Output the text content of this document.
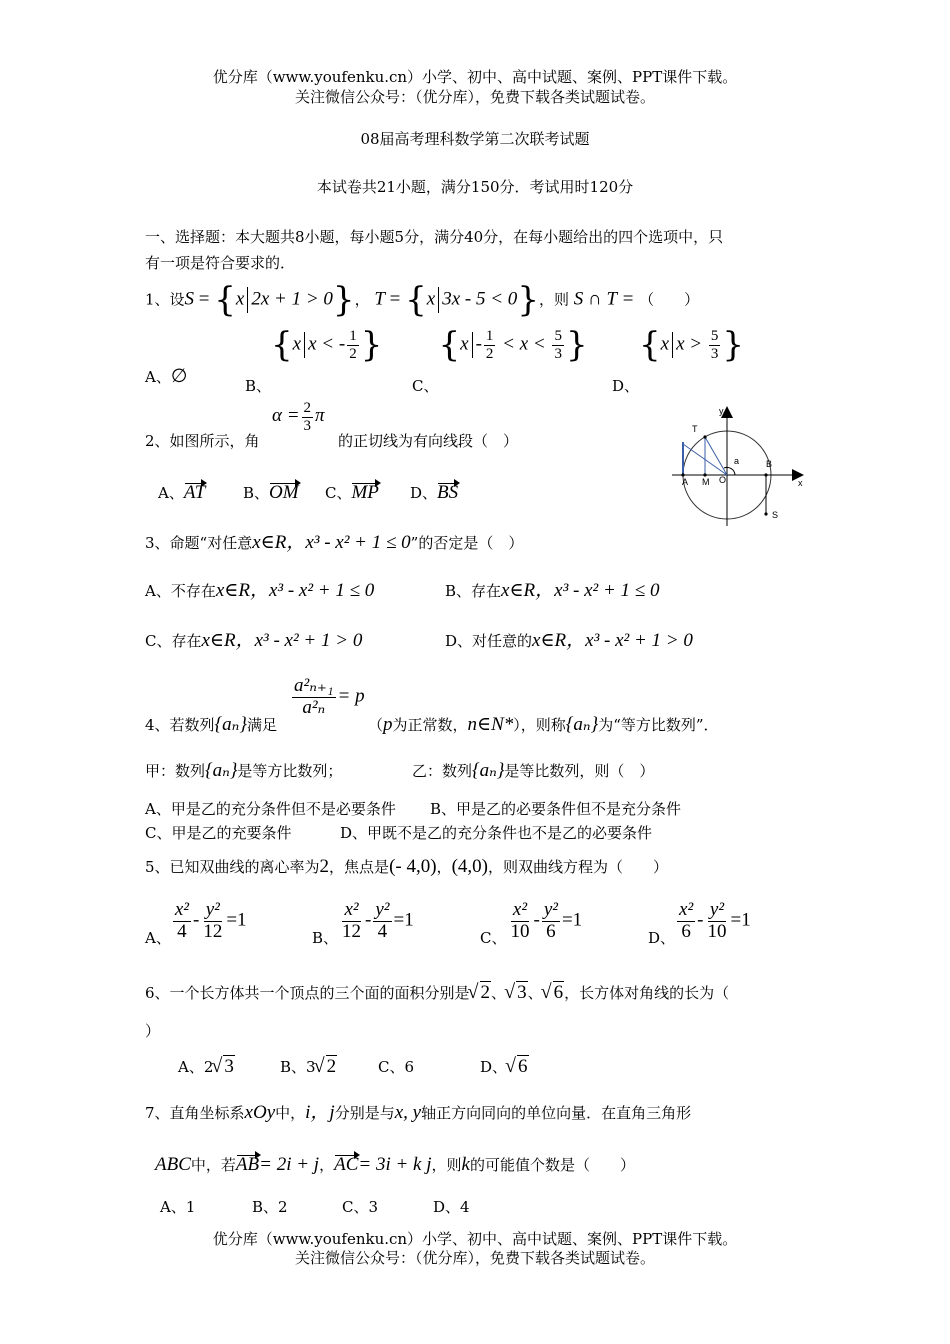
优分库（www.youfenku.cn）小学、初中、高中试题、案例、PPT课件下载。
关注微信公众号：（优分库），免费下载各类试题试卷。
08届高考理科数学第二次联考试题
本试卷共21小题，满分150分．考试用时120分
一、选择题：本大题共8小题，每小题5分，满分40分，在每小题给出的四个选项中，只
有一项是符合要求的．
1、设S = {x 2x + 1 > 0}， T = {x 3x - 5 < 0}，则 S ∩ T = （　　）
A、∅	B、{x x < - $\frac{1}{2}$ }
C、{$x - \frac{1}{2} < x < \frac{5}{3}$ }
D、{x $x > \frac{5}{3}$ }
2、如图所示，角
$\alpha = \frac{2}{3}$ π
的正切线为有向线段（　）
A、AT	B、OM C、MP D、BS
y
x
T
A M O
B
S
a
3、命题“对任意x∈R，x³ - x² + 1 ≤ 0”的否定是（　）
A、不存在x∈R，x³ - x² + 1 ≤ 0	B、存在x∈R，x³ - x² + 1 ≤ 0
C、存在x∈R，x³ - x² + 1 > 0	D、对任意的x∈R，x³ - x² + 1 > 0
4、若数列{aₙ}满足
$\frac{\text{a²ₙ₊₁}}{\text{a²ₙ}} = p$
（p为正常数，n∈N*），则称{aₙ}为“等方比数列”．
甲：数列{aₙ}是等方比数列；	乙：数列{aₙ}是等比数列，则（　）
A、甲是乙的充分条件但不是必要条件 B、甲是乙的必要条件但不是充分条件
C、甲是乙的充要条件	D、甲既不是乙的充分条件也不是乙的必要条件
5、已知双曲线的离心率为2，焦点是(- 4,0)，(4,0)，则双曲线方程为（　　）
A、 $\frac{\text{x²}}{4} - \frac{\text{y²}}{12} =1$
B、 $\frac{\text{x²}}{12} - \frac{\text{y²}}{4} =1$
C、 $\frac{\text{x²}}{10} - \frac{\text{y²}}{6} =1$
D、 $\frac{\text{x²}}{6} - \frac{\text{y²}}{10} =1$
6、一个长方体共一个顶点的三个面的面积分别是 √ 2、 √ 3、 √ 6，长方体对角线的长为（
）
A、2 √ 3	B、3 √ 2	C、6	D、 √ 6
7、直角坐标系xOy中，i，j分别是与x, y轴正方向同向的单位向量．在直角三角形
ABC中，若AB= 2i + j，AC= 3i + k j，则k的可能值个数是（　　）
A、1	B、2	C、3	D、4
优分库（www.youfenku.cn）小学、初中、高中试题、案例、PPT课件下载。
关注微信公众号：（优分库），免费下载各类试题试卷。
